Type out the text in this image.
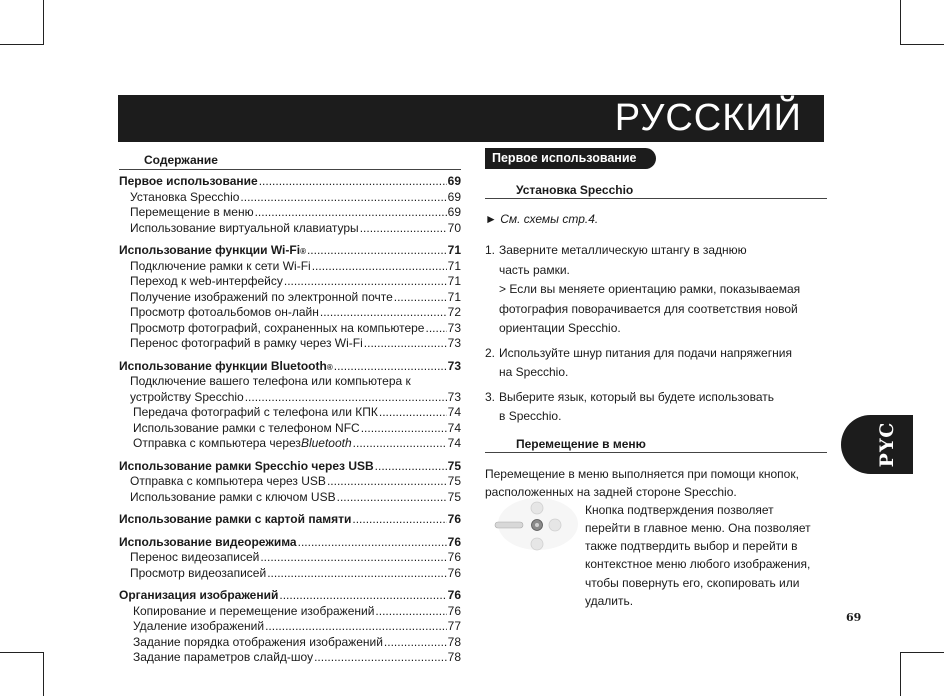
РУССКИЙ
PYC
Содержание
Первое использование .....	69
Установка Specchio .....	69
Перемещение в меню .....	69
Использование виртуальной клавиатуры .....	70
Использование функции Wi-Fi ® .....	71
Подключение рамки к сети Wi-Fi .....	71
Переход к web-интерфейсу .....	71
Получение изображений по электронной почте .....	71
Просмотр фотоальбомов он-лайн .....	72
Просмотр фотографий, сохраненных на компьютере ..... 73
Перенос фотографий в рамку через Wi-Fi .....	73
Использование функции Bluetooth ® .....	73
Подключение вашего телефона или компьютера к
устройству Specchio .....	73
Передача фотографий с телефона или КПК .....	74
Использование рамки с телефоном NFC .....	74
Отправка с компьютера через Bluetooth .....	74
Использование рамки Specchio через USB .....	75
Отправка с компьютера через USB .....	75
Использование рамки с ключом USB .....	75
Использование рамки с картой памяти .....	76
Использование видеорежима .....	76
Перенос видеозаписей .....	76
Просмотр видеозаписей .....	76
Организация изображений .....	76
Копирование и перемещение изображений .....	76
Удаление изображений .....	77
Задание порядка отображения изображений .....	78
Задание параметров слайд-шоу .....	78
Первое использование
Установка Specchio
► См. схемы стр.4.
1. Заверните металлическую штангу в заднюю
часть рамки.
> Если вы меняете ориентацию рамки, показываемая
фотография поворачивается для соответствия новой
ориентации Specchio.
2. Используйте шнур питания для подачи напряжегния
на Specchio.
3. Выберите язык, который вы будете использовать
в Specchio.
Перемещение в меню
Перемещение в меню выполняется при помощи кнопок,
расположенных на задней стороне Specchio.
Кнопка подтверждения позволяет
перейти в главное меню. Она позволяет
также подтвердить выбор и перейти в
контекстное меню любого изображения,
чтобы повернуть его, скопировать или
удалить.
69
